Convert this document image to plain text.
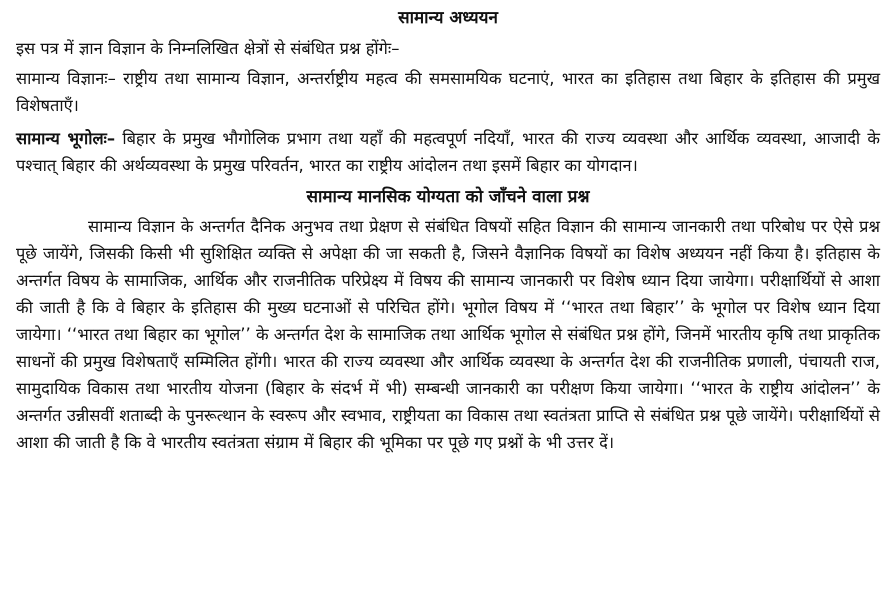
सामान्य अध्ययन

इस पत्र में ज्ञान विज्ञान के निम्नलिखित क्षेत्रों से संबंधित प्रश्न होंगेः–

सामान्य विज्ञानः– राष्ट्रीय तथा सामान्य विज्ञान, अन्तर्राष्ट्रीय महत्व की समसामयिक घटनाएं, भारत का इतिहास तथा बिहार के इतिहास की प्रमुख विशेषताएँ।

सामान्य भूगोलः– बिहार के प्रमुख भौगोलिक प्रभाग तथा यहाँ की महत्वपूर्ण नदियाँ, भारत की राज्य व्यवस्था और आर्थिक व्यवस्था, आजादी के पश्चात् बिहार की अर्थव्यवस्था के प्रमुख परिवर्तन, भारत का राष्ट्रीय आंदोलन तथा इसमें बिहार का योगदान।

सामान्य मानसिक योग्यता को जाँचने वाला प्रश्न

सामान्य विज्ञान के अन्तर्गत दैनिक अनुभव तथा प्रेक्षण से संबंधित विषयों सहित विज्ञान की सामान्य जानकारी तथा परिबोध पर ऐसे प्रश्न पूछे जायेंगे, जिसकी किसी भी सुशिक्षित व्यक्ति से अपेक्षा की जा सकती है, जिसने वैज्ञानिक विषयों का विशेष अध्ययन नहीं किया है। इतिहास के अन्तर्गत विषय के सामाजिक, आर्थिक और राजनीतिक परिप्रेक्ष्य में विषय की सामान्य जानकारी पर विशेष ध्यान दिया जायेगा। परीक्षार्थियों से आशा की जाती है कि वे बिहार के इतिहास की मुख्य घटनाओं से परिचित होंगे। भूगोल विषय में ‘‘भारत तथा बिहार’’ के भूगोल पर विशेष ध्यान दिया जायेगा। ‘‘भारत तथा बिहार का भूगोल’’ के अन्तर्गत देश के सामाजिक तथा आर्थिक भूगोल से संबंधित प्रश्न होंगे, जिनमें भारतीय कृषि तथा प्राकृतिक साधनों की प्रमुख विशेषताएँ सम्मिलित होंगी। भारत की राज्य व्यवस्था और आर्थिक व्यवस्था के अन्तर्गत देश की राजनीतिक प्रणाली, पंचायती राज, सामुदायिक विकास तथा भारतीय योजना (बिहार के संदर्भ में भी) सम्बन्धी जानकारी का परीक्षण किया जायेगा। ‘‘भारत के राष्ट्रीय आंदोलन’’ के अन्तर्गत उन्नीसवीं शताब्दी के पुनरूत्थान के स्वरूप और स्वभाव, राष्ट्रीयता का विकास तथा स्वतंत्रता प्राप्ति से संबंधित प्रश्न पूछे जायेंगे। परीक्षार्थियों से आशा की जाती है कि वे भारतीय स्वतंत्रता संग्राम में बिहार की भूमिका पर पूछे गए प्रश्नों के भी उत्तर दें।
